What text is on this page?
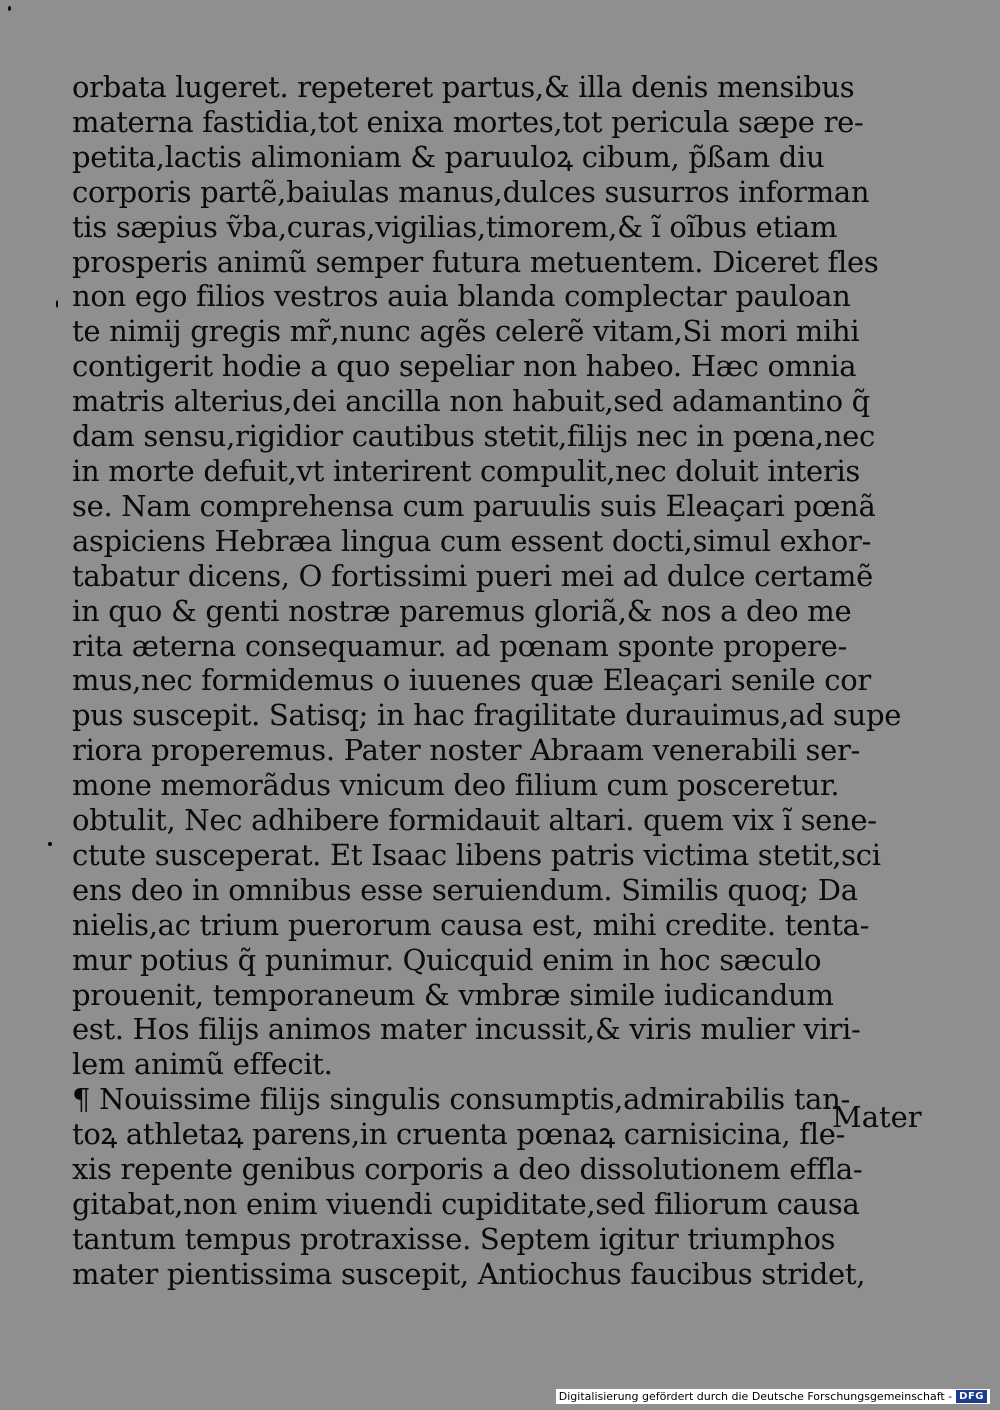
orbata lugeret. repeteret partus,& illa denis mensibus
materna fastidia,tot enixa mortes,tot pericula sæpe re-
petita,lactis alimoniam & paruuloꝝ cibum, p̃ßam diu
corporis partẽ,baiulas manus,dulces susurros informan
tis sæpius ṽba,curas,vigilias,timorem,& ĩ oĩbus etiam
prosperis animũ semper futura metuentem. Diceret fles
non ego filios vestros auia blanda complectar pauloan
te nimij gregis mr̃,nunc agẽs celerẽ vitam,Si mori mihi
contigerit hodie a quo sepeliar non habeo. Hæc omnia
matris alterius,dei ancilla non habuit,sed adamantino q̃
dam sensu,rigidior cautibus stetit,filijs nec in pœna,nec
in morte defuit,vt interirent compulit,nec doluit interis
se. Nam comprehensa cum paruulis suis Eleaçari pœnã
aspiciens Hebræa lingua cum essent docti,simul exhor-
tabatur dicens, O fortissimi pueri mei ad dulce certamẽ
in quo & genti nostræ paremus gloriã,& nos a deo me
rita æterna consequamur. ad pœnam sponte propere-
mus,nec formidemus o iuuenes quæ Eleaçari senile cor
pus suscepit. Satisq; in hac fragilitate durauimus,ad supe
riora properemus. Pater noster Abraam venerabili ser-
mone memorãdus vnicum deo filium cum posceretur.
obtulit, Nec adhibere formidauit altari. quem vix ĩ sene-
ctute susceperat. Et Isaac libens patris victima stetit,sci
ens deo in omnibus esse seruiendum. Similis quoq; Da
nielis,ac trium puerorum causa est, mihi credite. tenta-
mur potius q̃ punimur. Quicquid enim in hoc sæculo
prouenit, temporaneum & vmbræ simile iudicandum
est. Hos filijs animos mater incussit,& viris mulier viri-
lem animũ effecit.
¶ Nouissime filijs singulis consumptis,admirabilis tan-
toꝝ athletaꝝ parens,in cruenta pœnaꝝ carnisicina, fle-
xis repente genibus corporis a deo dissolutionem effla-
gitabat,non enim viuendi cupiditate,sed filiorum causa
tantum tempus protraxisse. Septem igitur triumphos
mater pientissima suscepit, Antiochus faucibus stridet,
Mater
Digitalisierung gefördert durch die Deutsche Forschungsgemeinschaft - DFG
